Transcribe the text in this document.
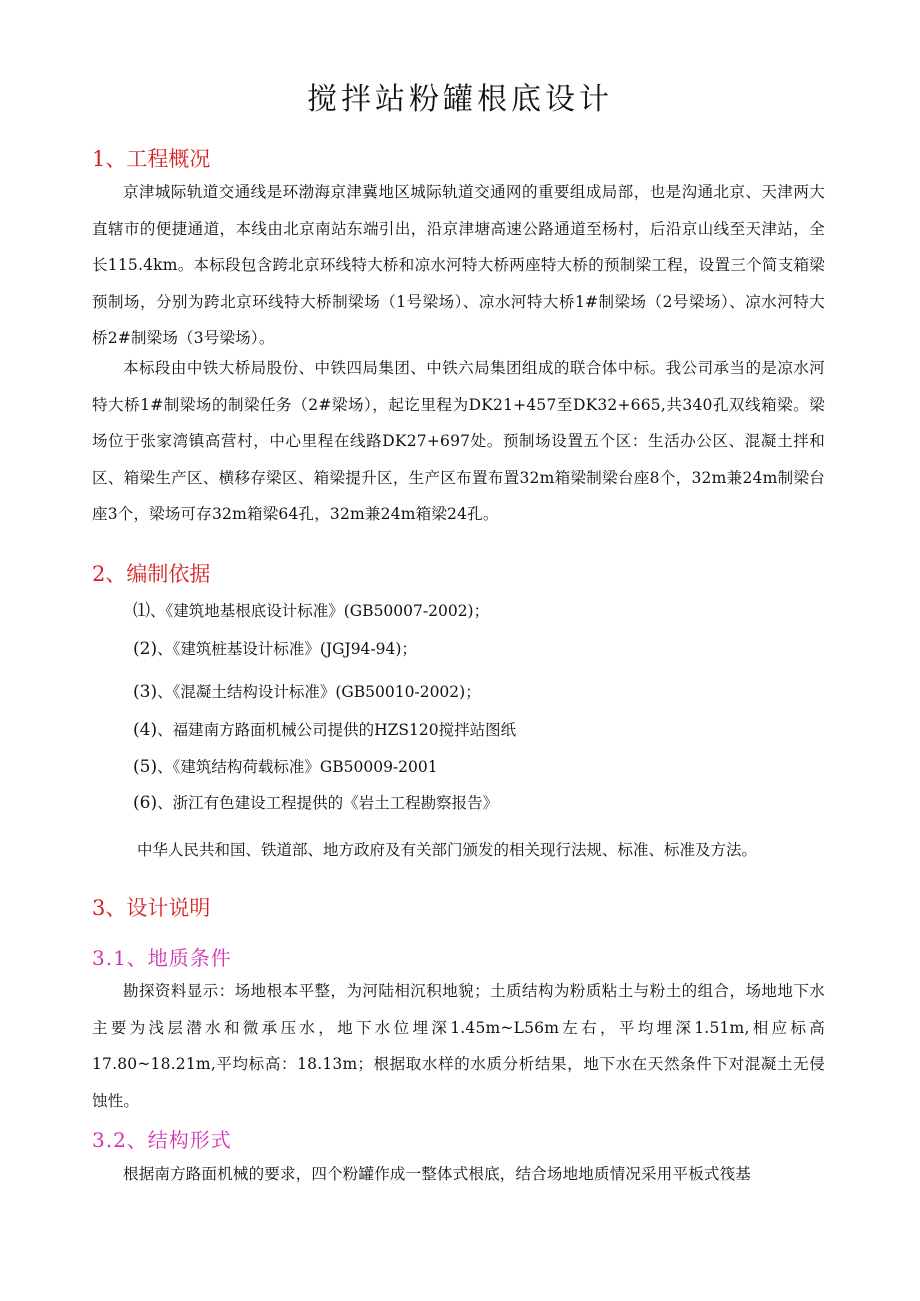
搅拌站粉罐根底设计
1、工程概况
京津城际轨道交通线是环渤海京津冀地区城际轨道交通网的重要组成局部，也是沟通北京、天津两大直辖市的便捷通道，本线由北京南站东端引出，沿京津塘高速公路通道至杨村，后沿京山线至天津站，全长115.4km。本标段包含跨北京环线特大桥和凉水河特大桥两座特大桥的预制梁工程，设置三个简支箱梁预制场，分别为跨北京环线特大桥制梁场（1号梁场）、凉水河特大桥1#制梁场（2号梁场）、凉水河特大桥2#制梁场（3号梁场）。
本标段由中铁大桥局股份、中铁四局集团、中铁六局集团组成的联合体中标。我公司承当的是凉水河特大桥1#制梁场的制梁任务（2#梁场），起讫里程为DK21+457至DK32+665,共340孔双线箱梁。梁场位于张家湾镇高营村，中心里程在线路DK27+697处。预制场设置五个区：生活办公区、混凝土拌和区、箱梁生产区、横移存梁区、箱梁提升区，生产区布置布置32m箱梁制梁台座8个，32m兼24m制梁台座3个，梁场可存32m箱梁64孔，32m兼24m箱梁24孔。
2、编制依据
⑴、《建筑地基根底设计标准》(GB50007-2002)；
(2)、《建筑桩基设计标准》(JGJ94-94)；
(3)、《混凝土结构设计标准》(GB50010-2002)；
(4)、福建南方路面机械公司提供的HZS120搅拌站图纸
(5)、《建筑结构荷载标准》GB50009-2001
(6)、浙江有色建设工程提供的《岩土工程勘察报告》
中华人民共和国、铁道部、地方政府及有关部门颁发的相关现行法规、标准、标准及方法。
3、设计说明
3.1、地质条件
勘探资料显示：场地根本平整，为河陆相沉积地貌；土质结构为粉质粘土与粉土的组合，场地地下水主要为浅层潜水和微承压水，地下水位埋深1.45m~L56m左右，平均埋深1.51m,相应标高17.80~18.21m,平均标高：18.13m；根据取水样的水质分析结果，地下水在天然条件下对混凝土无侵蚀性。
3.2、结构形式
根据南方路面机械的要求，四个粉罐作成一整体式根底，结合场地地质情况采用平板式筏基
